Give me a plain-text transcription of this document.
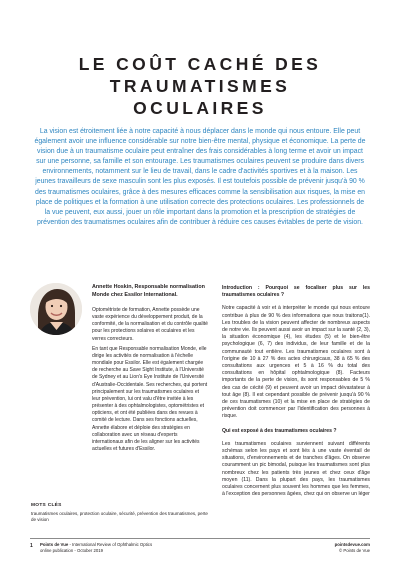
LE COÛT CACHÉ DES
TRAUMATISMES
OCULAIRES
La vision est étroitement liée à notre capacité à nous déplacer dans le monde qui nous entoure. Elle peut également avoir une influence considérable sur notre bien-être mental, physique et économique. La perte de vision due à un traumatisme oculaire peut entraîner des frais considérables à long terme et avoir un impact sur une personne, sa famille et son entourage. Les traumatismes oculaires peuvent se produire dans divers environnements, notamment sur le lieu de travail, dans le cadre d'activités sportives et à la maison. Les jeunes travailleurs de sexe masculin sont les plus exposés. Il est toutefois possible de prévenir jusqu'à 90 % des traumatismes oculaires, grâce à des mesures efficaces comme la sensibilisation aux risques, la mise en place de politiques et la formation à une utilisation correcte des protections oculaires. Les professionnels de la vue peuvent, eux aussi, jouer un rôle important dans la promotion et la prescription de stratégies de prévention des traumatismes oculaires afin de contribuer à réduire ces causes évitables de perte de vision.
Annette Hoskin, Responsable normalisation Monde chez Essilor International.

Optométriste de formation, Annette possède une vaste expérience du développement produit, de la conformité, de la normalisation et du contrôle qualité pour les protections solaires et oculaires et les verres correcteurs.

En tant que Responsable normalisation Monde, elle dirige les activités de normalisation à l'échelle mondiale pour Essilor. Elle est également chargée de recherche au Save Sight Institute, à l'Université de Sydney et au Lion's Eye Institute de l'Université d'Australie-Occidentale. Ses recherches, qui portent principalement sur les traumatismes oculaires et leur prévention, lui ont valu d'être invitée à les présenter à des ophtalmologistes, optométristes et opticiens, et ont été publiées dans des revues à comité de lecture. Dans ses fonctions actuelles, Annette élabore et déploie des stratégies en collaboration avec un réseau d'experts internationaux afin de les aligner sur les activités actuelles et futures d'Essilor.

MOTS CLÉS
traumatismes oculaires, protection oculaire, sécurité, prévention des traumatismes, perte de vision
Introduction : Pourquoi se focaliser plus sur les traumatismes oculaires ?

Notre capacité à voir et à interpréter le monde qui nous entoure contribue à plus de 90 % des informations que nous traitons(1). Les troubles de la vision peuvent affecter de nombreux aspects de notre vie. Ils peuvent aussi avoir un impact sur la santé (2, 3), la situation économique (4), les études (5) et le bien-être psychologique (6, 7) des individus, de leur famille et de la communauté tout entière. Les traumatismes oculaires sont à l'origine de 10 à 27 % des actes chirurgicaux, 38 à 65 % des consultations aux urgences et 5 à 16 % du total des consultations en hôpital ophtalmologique (8). Facteurs importants de la perte de vision, ils sont responsables de 5 % des cas de cécité (9) et peuvent avoir un impact dévastateur à tout âge (8). Il est cependant possible de prévenir jusqu'à 90 % de ces traumatismes (10) et la mise en place de stratégies de prévention doit commencer par l'identification des personnes à risque.

Qui est exposé à des traumatismes oculaires ?

Les traumatismes oculaires surviennent suivant différents schémas selon les pays et sont liés à une vaste éventail de situations, d'environnements et de tranches d'âges. On observe couramment un pic bimodal, puisque les traumatismes sont plus nombreux chez les patients très jeunes et chez ceux d'âge moyen (11). Dans la plupart des pays, les traumatismes oculaires concernent plus souvent les hommes que les femmes, à l'exception des personnes âgées, chez qui on observe un léger

1 Points de Vue - International Review of Ophthalmic Optics
online publication - October 2019
pointsdevue.com
© Points de Vue
